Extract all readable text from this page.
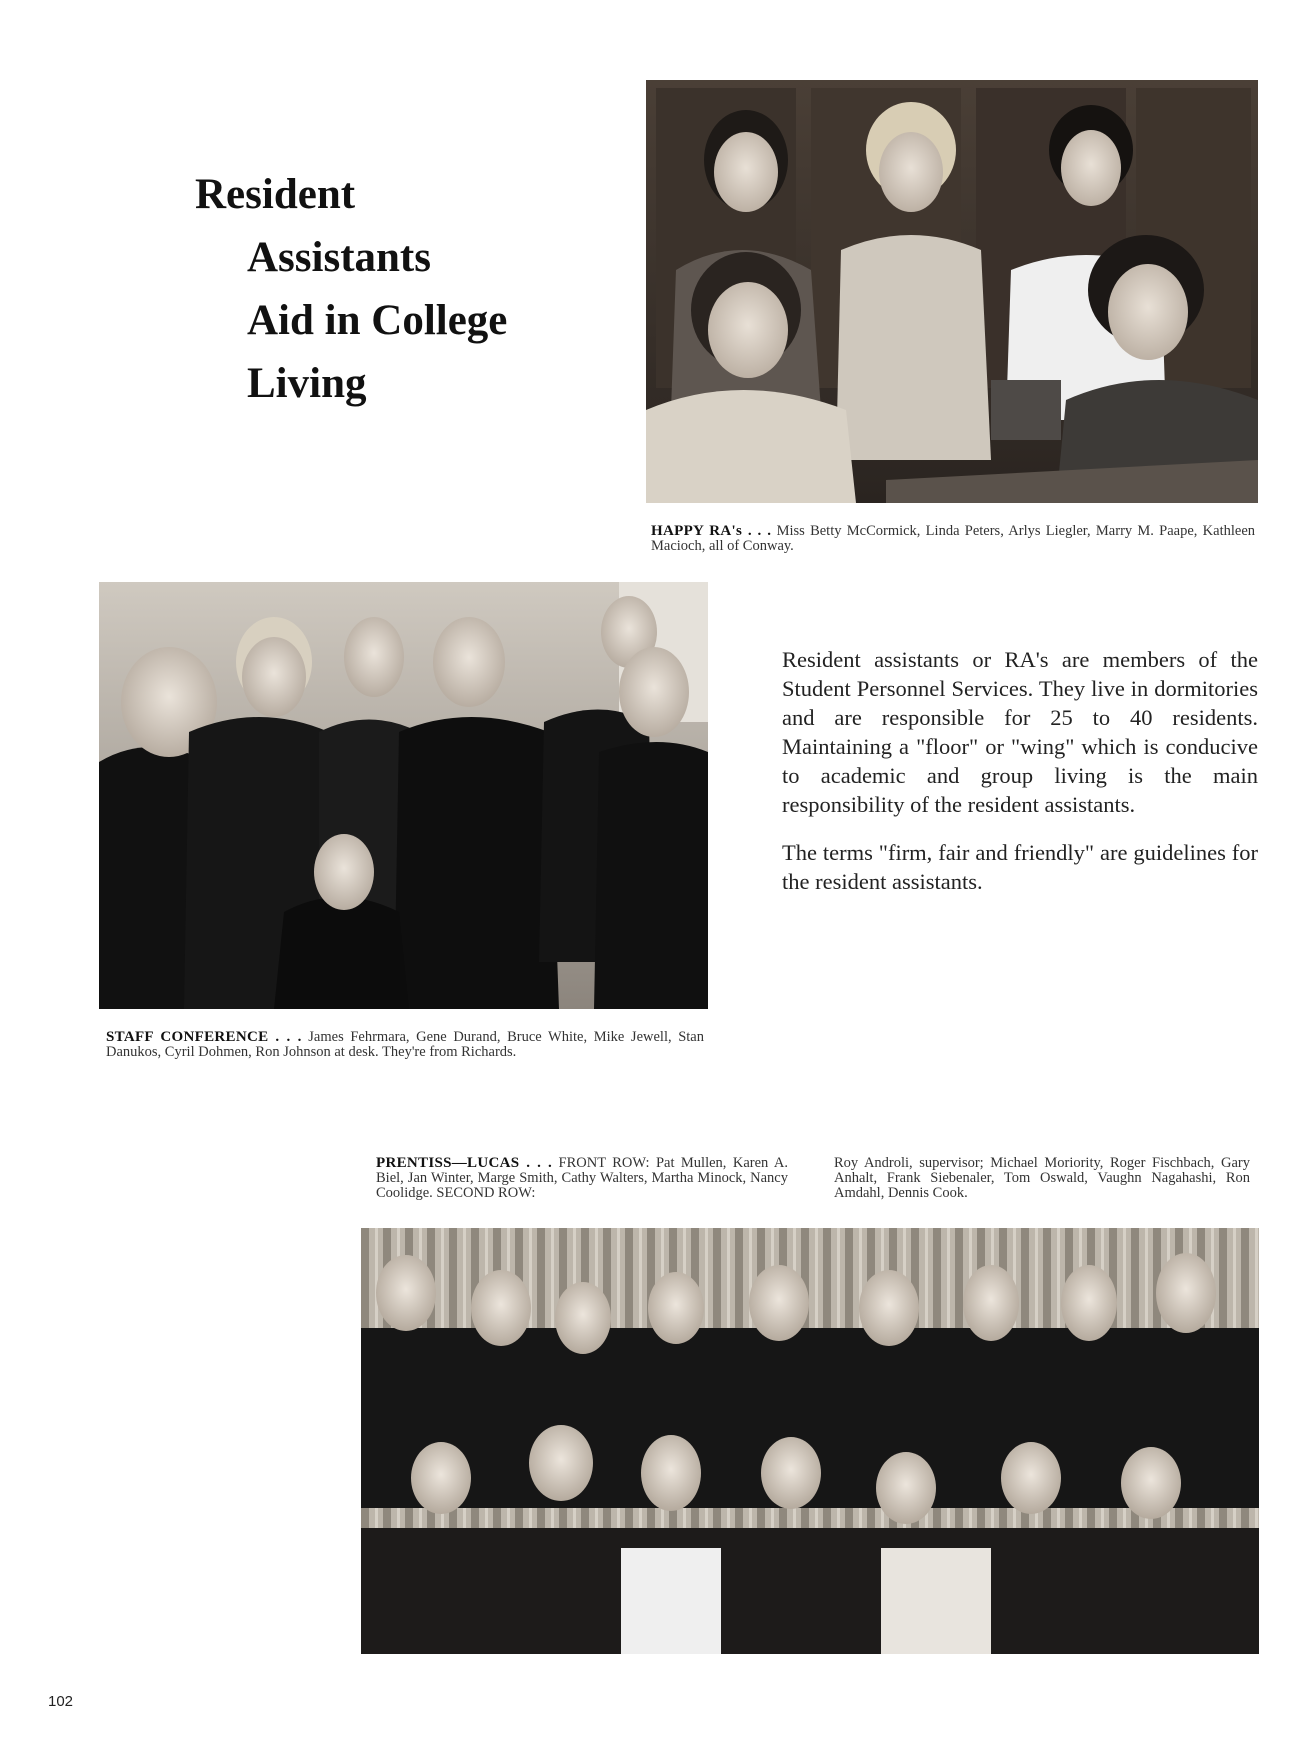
Resident
Assistants
Aid in College
Living

HAPPY RA's . . . Miss Betty McCormick, Linda Peters, Arlys Liegler, Marry M. Paape, Kathleen Macioch, all of Conway.

STAFF CONFERENCE . . . James Fehrmara, Gene Durand, Bruce White, Mike Jewell, Stan Danukos, Cyril Dohmen, Ron Johnson at desk. They're from Richards.

Resident assistants or RA's are members of the Student Personnel Services. They live in dormitories and are responsible for 25 to 40 residents. Maintaining a "floor" or "wing" which is conducive to academic and group living is the main responsibility of the resident assistants.

The terms "firm, fair and friendly" are guidelines for the resident assistants.

PRENTISS—LUCAS . . . FRONT ROW: Pat Mullen, Karen A. Biel, Jan Winter, Marge Smith, Cathy Walters, Martha Minock, Nancy Coolidge. SECOND ROW:

Roy Androli, supervisor; Michael Moriority, Roger Fischbach, Gary Anhalt, Frank Siebenaler, Tom Oswald, Vaughn Nagahashi, Ron Amdahl, Dennis Cook.

102
